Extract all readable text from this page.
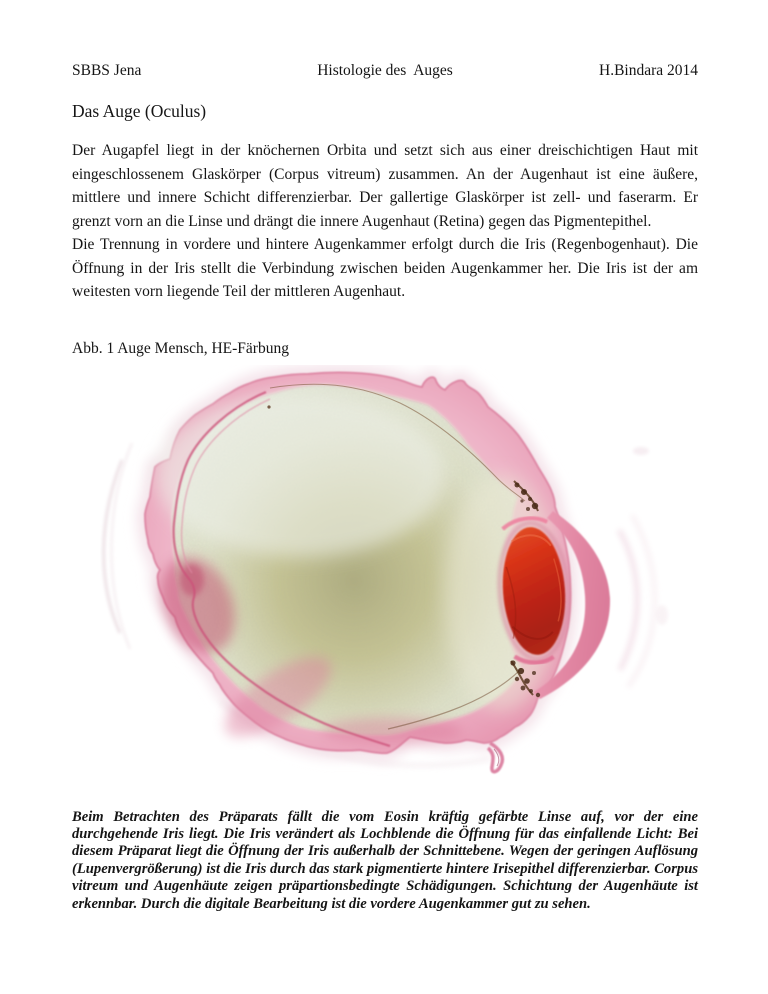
SBBS Jena	Histologie des  Auges	H.Bindara 2014
Das Auge (Oculus)

Der Augapfel liegt in der knöchernen Orbita und setzt sich aus einer dreischichtigen Haut mit eingeschlossenem Glaskörper (Corpus vitreum) zusammen. An der Augenhaut ist eine äußere, mittlere und innere Schicht differenzierbar. Der gallertige Glaskörper ist zell- und faserarm. Er grenzt vorn an die Linse und drängt die innere Augenhaut (Retina) gegen das Pigmentepithel.

Die Trennung in vordere und hintere Augenkammer erfolgt durch die Iris (Regenbogenhaut). Die Öffnung in der Iris stellt die Verbindung zwischen beiden Augenkammer her. Die Iris ist der am weitesten vorn liegende Teil der mittleren Augenhaut.

Abb. 1 Auge Mensch, HE-Färbung

Beim Betrachten des Präparats fällt die vom Eosin kräftig gefärbte Linse auf, vor der eine durchgehende Iris liegt. Die Iris verändert als Lochblende die Öffnung für das einfallende Licht: Bei diesem Präparat liegt die Öffnung der Iris außerhalb der Schnittebene. Wegen der geringen Auflösung (Lupenvergrößerung) ist die Iris durch das stark pigmentierte hintere Irisepithel differenzierbar. Corpus vitreum und Augenhäute zeigen präpartionsbedingte Schädigungen. Schichtung der Augenhäute ist erkennbar. Durch die digitale Bearbeitung ist die vordere Augenkammer gut zu sehen.
